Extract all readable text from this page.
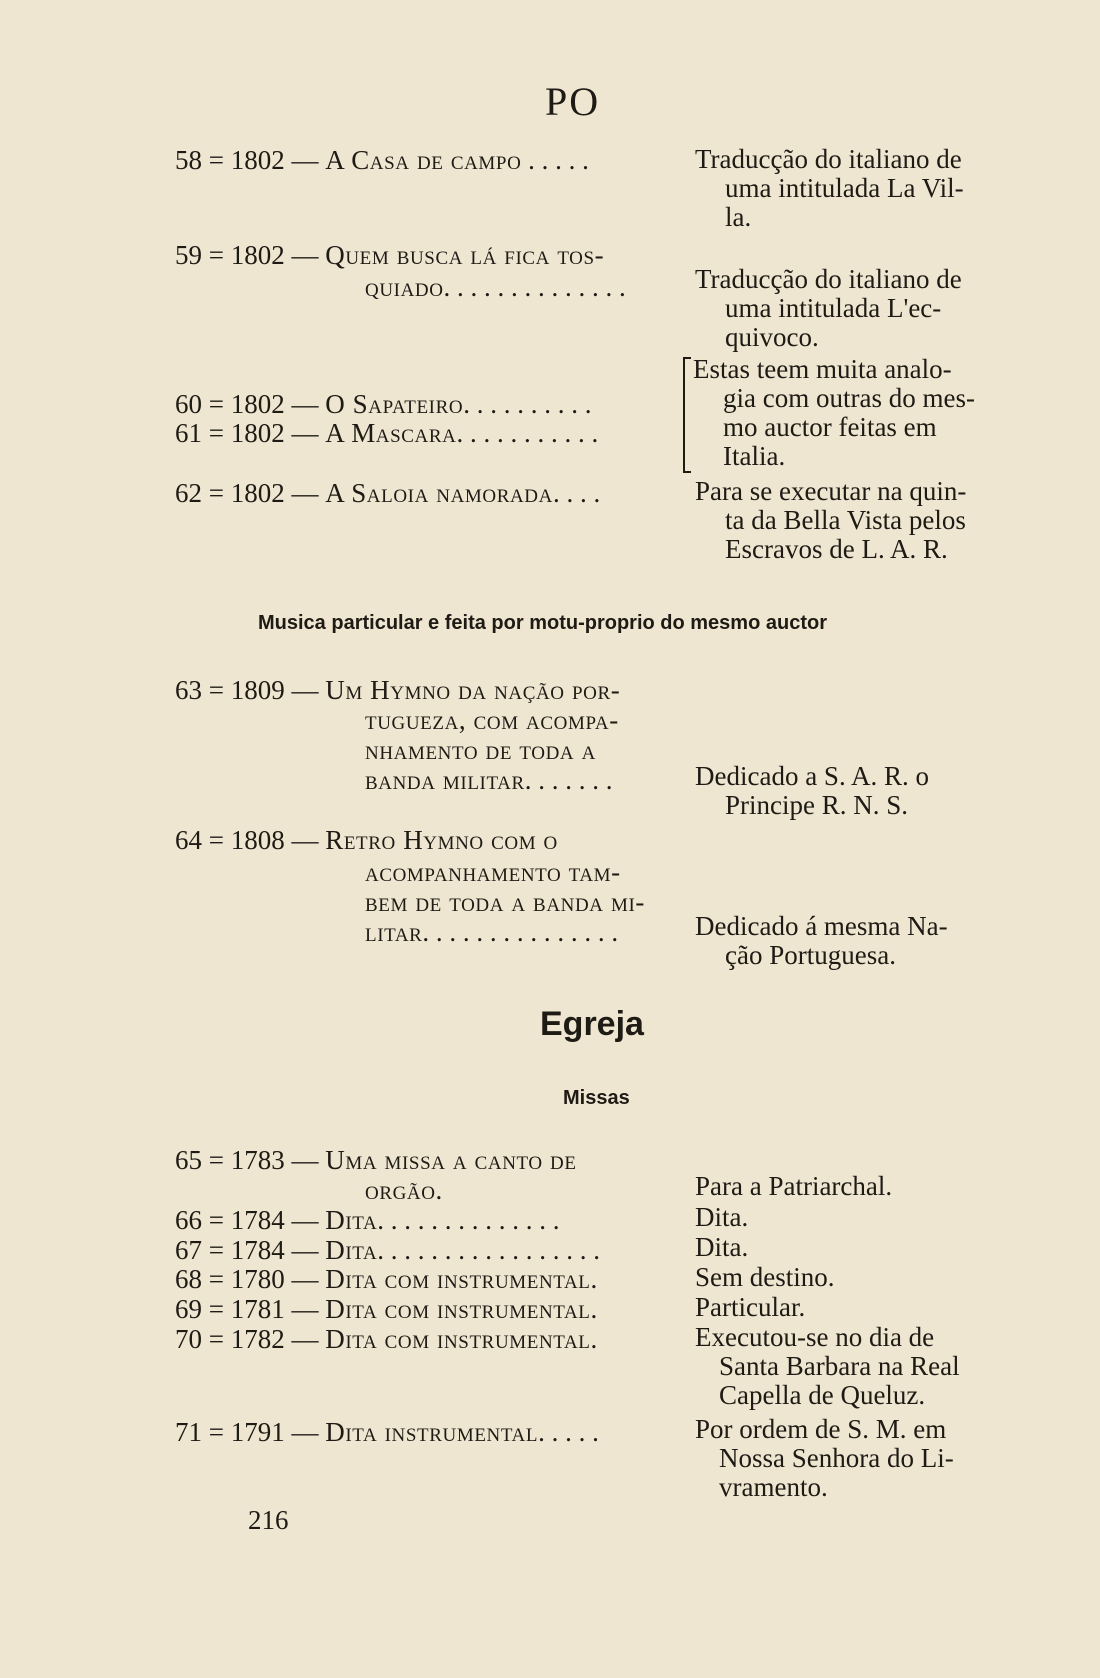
PO
58 = 1802 — A Casa de campo . . . . .	Traducção do italiano de
uma intitulada La Vil-
la.
59 = 1802 — Quem busca lá fica tos-
quiado. . . . . . . . . . . . . .	Traducção do italiano de
uma intitulada L'ec-
quivoco.
60 = 1802 — O Sapateiro. . . . . . . . . .
61 = 1802 — A Mascara. . . . . . . . . . .
Estas teem muita analo-
gia com outras do mes-
mo auctor feitas em
Italia.
62 = 1802 — A Saloia namorada. . . .	Para se executar na quin-
ta da Bella Vista pelos
Escravos de L. A. R.
Musica particular e feita por motu-proprio do mesmo auctor
63 = 1809 — Um Hymno da nação por-
tugueza, com acompa-
nhamento de toda a
banda militar. . . . . . .	Dedicado a S. A. R. o
Principe R. N. S.
64 = 1808 — Retro Hymno com o
acompanhamento tam-
bem de toda a banda mi-
litar. . . . . . . . . . . . . . .	Dedicado á mesma Na-
ção Portuguesa.
Egreja
Missas
65 = 1783 — Uma missa a canto de
orgão.	Para a Patriarchal.
66 = 1784 — Dita. . . . . . . . . . . . . .	Dita.
67 = 1784 — Dita. . . . . . . . . . . . . . . . .	Dita.
68 = 1780 — Dita com instrumental.	Sem destino.
69 = 1781 — Dita com instrumental.	Particular.
70 = 1782 — Dita com instrumental.	Executou-se no dia de
Santa Barbara na Real
Capella de Queluz.
71 = 1791 — Dita instrumental. . . . .	Por ordem de S. M. em
Nossa Senhora do Li-
vramento.
216
